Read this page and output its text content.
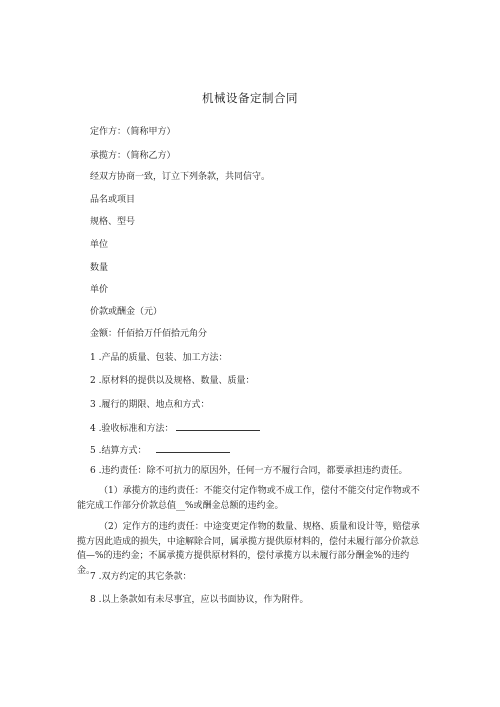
机械设备定制合同
定作方：（简称甲方）
承揽方：（简称乙方）
经双方协商一致，订立下列条款，共同信守。
品名或项目
规格、型号
单位
数量
单价
价款或酬金（元）
金额：仟佰拾万仟佰拾元角分
1 .产品的质量、包装、加工方法：
2 .原材料的提供以及规格、数量、质量：
3 .履行的期限、地点和方式：
4 .验收标准和方法：
5 .结算方式：
6 .违约责任：除不可抗力的原因外，任何一方不履行合同，都要承担违约责任。
（1）承揽方的违约责任：不能交付定作物或不成工作，偿付不能交付定作物或不能完成工作部分价款总值__%或酬金总额的违约金。
（2）定作方的违约责任：中途变更定作物的数量、规格、质量和设计等，赔偿承揽方因此造成的损失，中途解除合同，属承揽方提供原材料的，偿付未履行部分价款总值—%的违约金；不属承揽方提供原材料的，偿付承揽方以未履行部分酬金%的违约金。
7 .双方约定的其它条款：
8 .以上条款如有未尽事宜，应以书面协议，作为附件。
